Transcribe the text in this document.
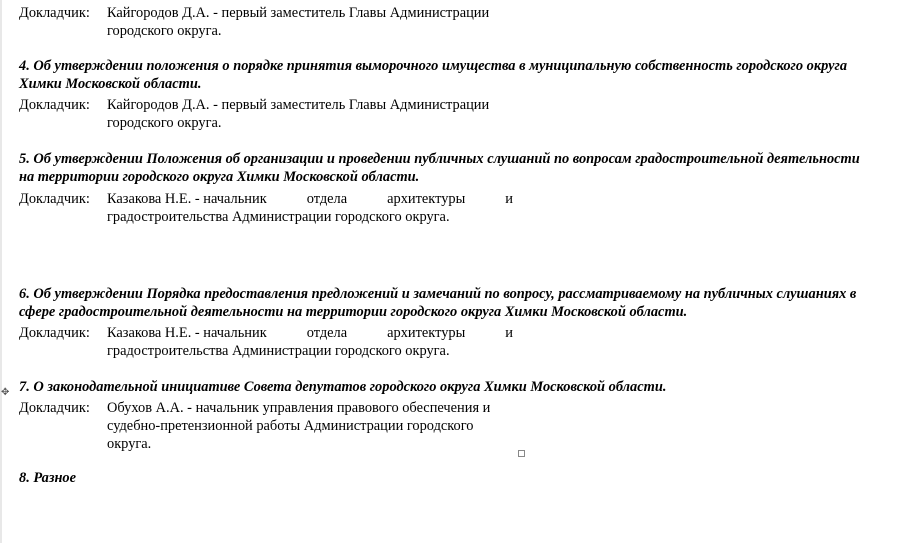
Докладчик: Кайгородов Д.А. - первый заместитель Главы Администрации
городского округа.
4. Об утверждении положения о порядке принятия выморочного имущества в муниципальную собственность городского округа
Химки Московской области.
Докладчик: Кайгородов Д.А. - первый заместитель Главы Администрации
городского округа.
5. Об утверждении Положения об организации и проведении публичных слушаний по вопросам градостроительной деятельности
на территории городского округа Химки Московской области.
Докладчик: Казакова Н.Е. - начальник	отдела	архитектуры	и
градостроительства Администрации городского округа.
6. Об утверждении Порядка предоставления предложений и замечаний по вопросу, рассматриваемому на публичных слушаниях в
сфере градостроительной деятельности на территории городского округа Химки Московской области.
Докладчик: Казакова Н.Е. - начальник	отдела	архитектуры	и
градостроительства Администрации городского округа.
7. О законодательной инициативе Совета депутатов городского округа Химки Московской области.
✥
Докладчик: Обухов А.А. - начальник управления правового обеспечения и
судебно-претензионной работы Администрации городского
округа.
8. Разное
